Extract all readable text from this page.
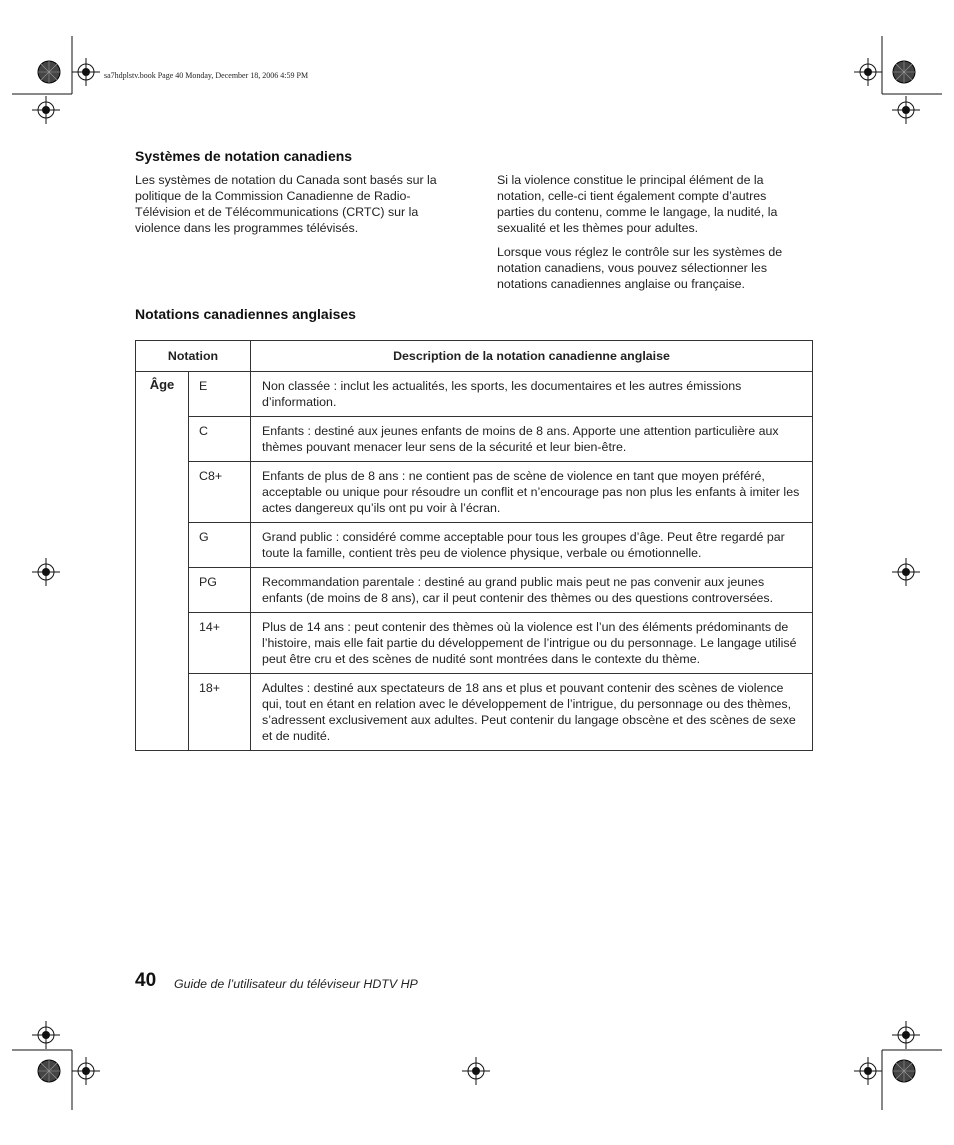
sa7hdplstv.book Page 40 Monday, December 18, 2006 4:59 PM
Systèmes de notation canadiens

Les systèmes de notation du Canada sont basés sur la politique de la Commission Canadienne de Radio-Télévision et de Télécommunications (CRTC) sur la violence dans les programmes télévisés.

Si la violence constitue le principal élément de la notation, celle-ci tient également compte d’autres parties du contenu, comme le langage, la nudité, la sexualité et les thèmes pour adultes.

Lorsque vous réglez le contrôle sur les systèmes de notation canadiens, vous pouvez sélectionner les notations canadiennes anglaise ou française.

Notations canadiennes anglaises
Notation		Description de la notation canadienne anglaise
Âge	E	Non classée : inclut les actualités, les sports, les documentaires et les autres émissions d’information.
	C	Enfants : destiné aux jeunes enfants de moins de 8 ans. Apporte une attention particulière aux thèmes pouvant menacer leur sens de la sécurité et leur bien-être.
	C8+	Enfants de plus de 8 ans : ne contient pas de scène de violence en tant que moyen préféré, acceptable ou unique pour résoudre un conflit et n’encourage pas non plus les enfants à imiter les actes dangereux qu’ils ont pu voir à l’écran.
	G	Grand public : considéré comme acceptable pour tous les groupes d’âge. Peut être regardé par toute la famille, contient très peu de violence physique, verbale ou émotionnelle.
	PG	Recommandation parentale : destiné au grand public mais peut ne pas convenir aux jeunes enfants (de moins de 8 ans), car il peut contenir des thèmes ou des questions controversées.
	14+	Plus de 14 ans : peut contenir des thèmes où la violence est l’un des éléments prédominants de l’histoire, mais elle fait partie du développement de l’intrigue ou du personnage. Le langage utilisé peut être cru et des scènes de nudité sont montrées dans le contexte du thème.
	18+	Adultes : destiné aux spectateurs de 18 ans et plus et pouvant contenir des scènes de violence qui, tout en étant en relation avec le développement de l’intrigue, du personnage ou des thèmes, s’adressent exclusivement aux adultes. Peut contenir du langage obscène et des scènes de sexe et de nudité.
40 Guide de l’utilisateur du téléviseur HDTV HP
